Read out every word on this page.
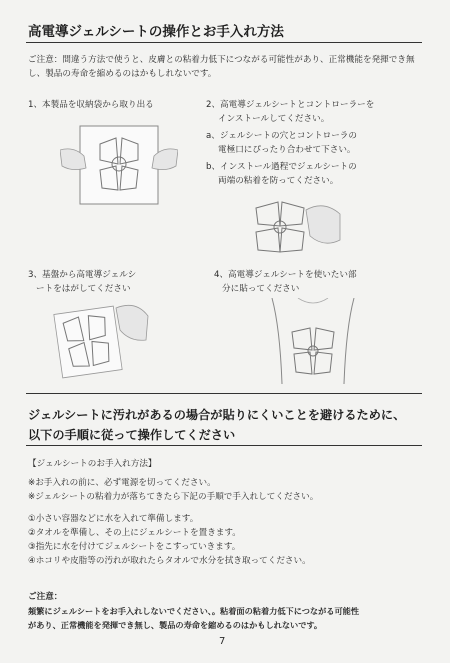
高電導ジェルシートの操作とお手入れ方法
ご注意：間違う方法で使うと、皮膚との粘着力低下につながる可能性があり、正常機能を発揮でき無し、製品の寿命を縮めるのはかもしれないです。
1、本製品を収納袋から取り出る	2、高電導ジェルシートとコントローラーを
インストールしてください。
a、ジェルシートの穴とコントローラの
電極口にぴったり合わせて下さい。
b、インストール過程でジェルシートの
両端の粘着を防ってください。
3、基盤から高電導ジェルシ
ートをはがしてください
4、高電導ジェルシートを使いたい部
分に貼ってください
ジェルシートに汚れがあるの場合が貼りにくいことを避けるために、
以下の手順に従って操作してください
【ジェルシートのお手入れ方法】
※お手入れの前に、必ず電源を切ってください。
※ジェルシートの粘着力が落ちてきたら下記の手順で手入れしてください。
①小さい容器などに水を入れて準備します。
②タオルを準備し、その上にジェルシートを置きます。
③指先に水を付けてジェルシートをこすっていきます。
④ホコリや皮脂等の汚れが取れたらタオルで水分を拭き取ってください。
ご注意：
頻繁にジェルシートをお手入れしないでください、。粘着面の粘着力低下につながる可能性
があり、正常機能を発揮でき無し、製品の寿命を縮めるのはかもしれないです。
7
